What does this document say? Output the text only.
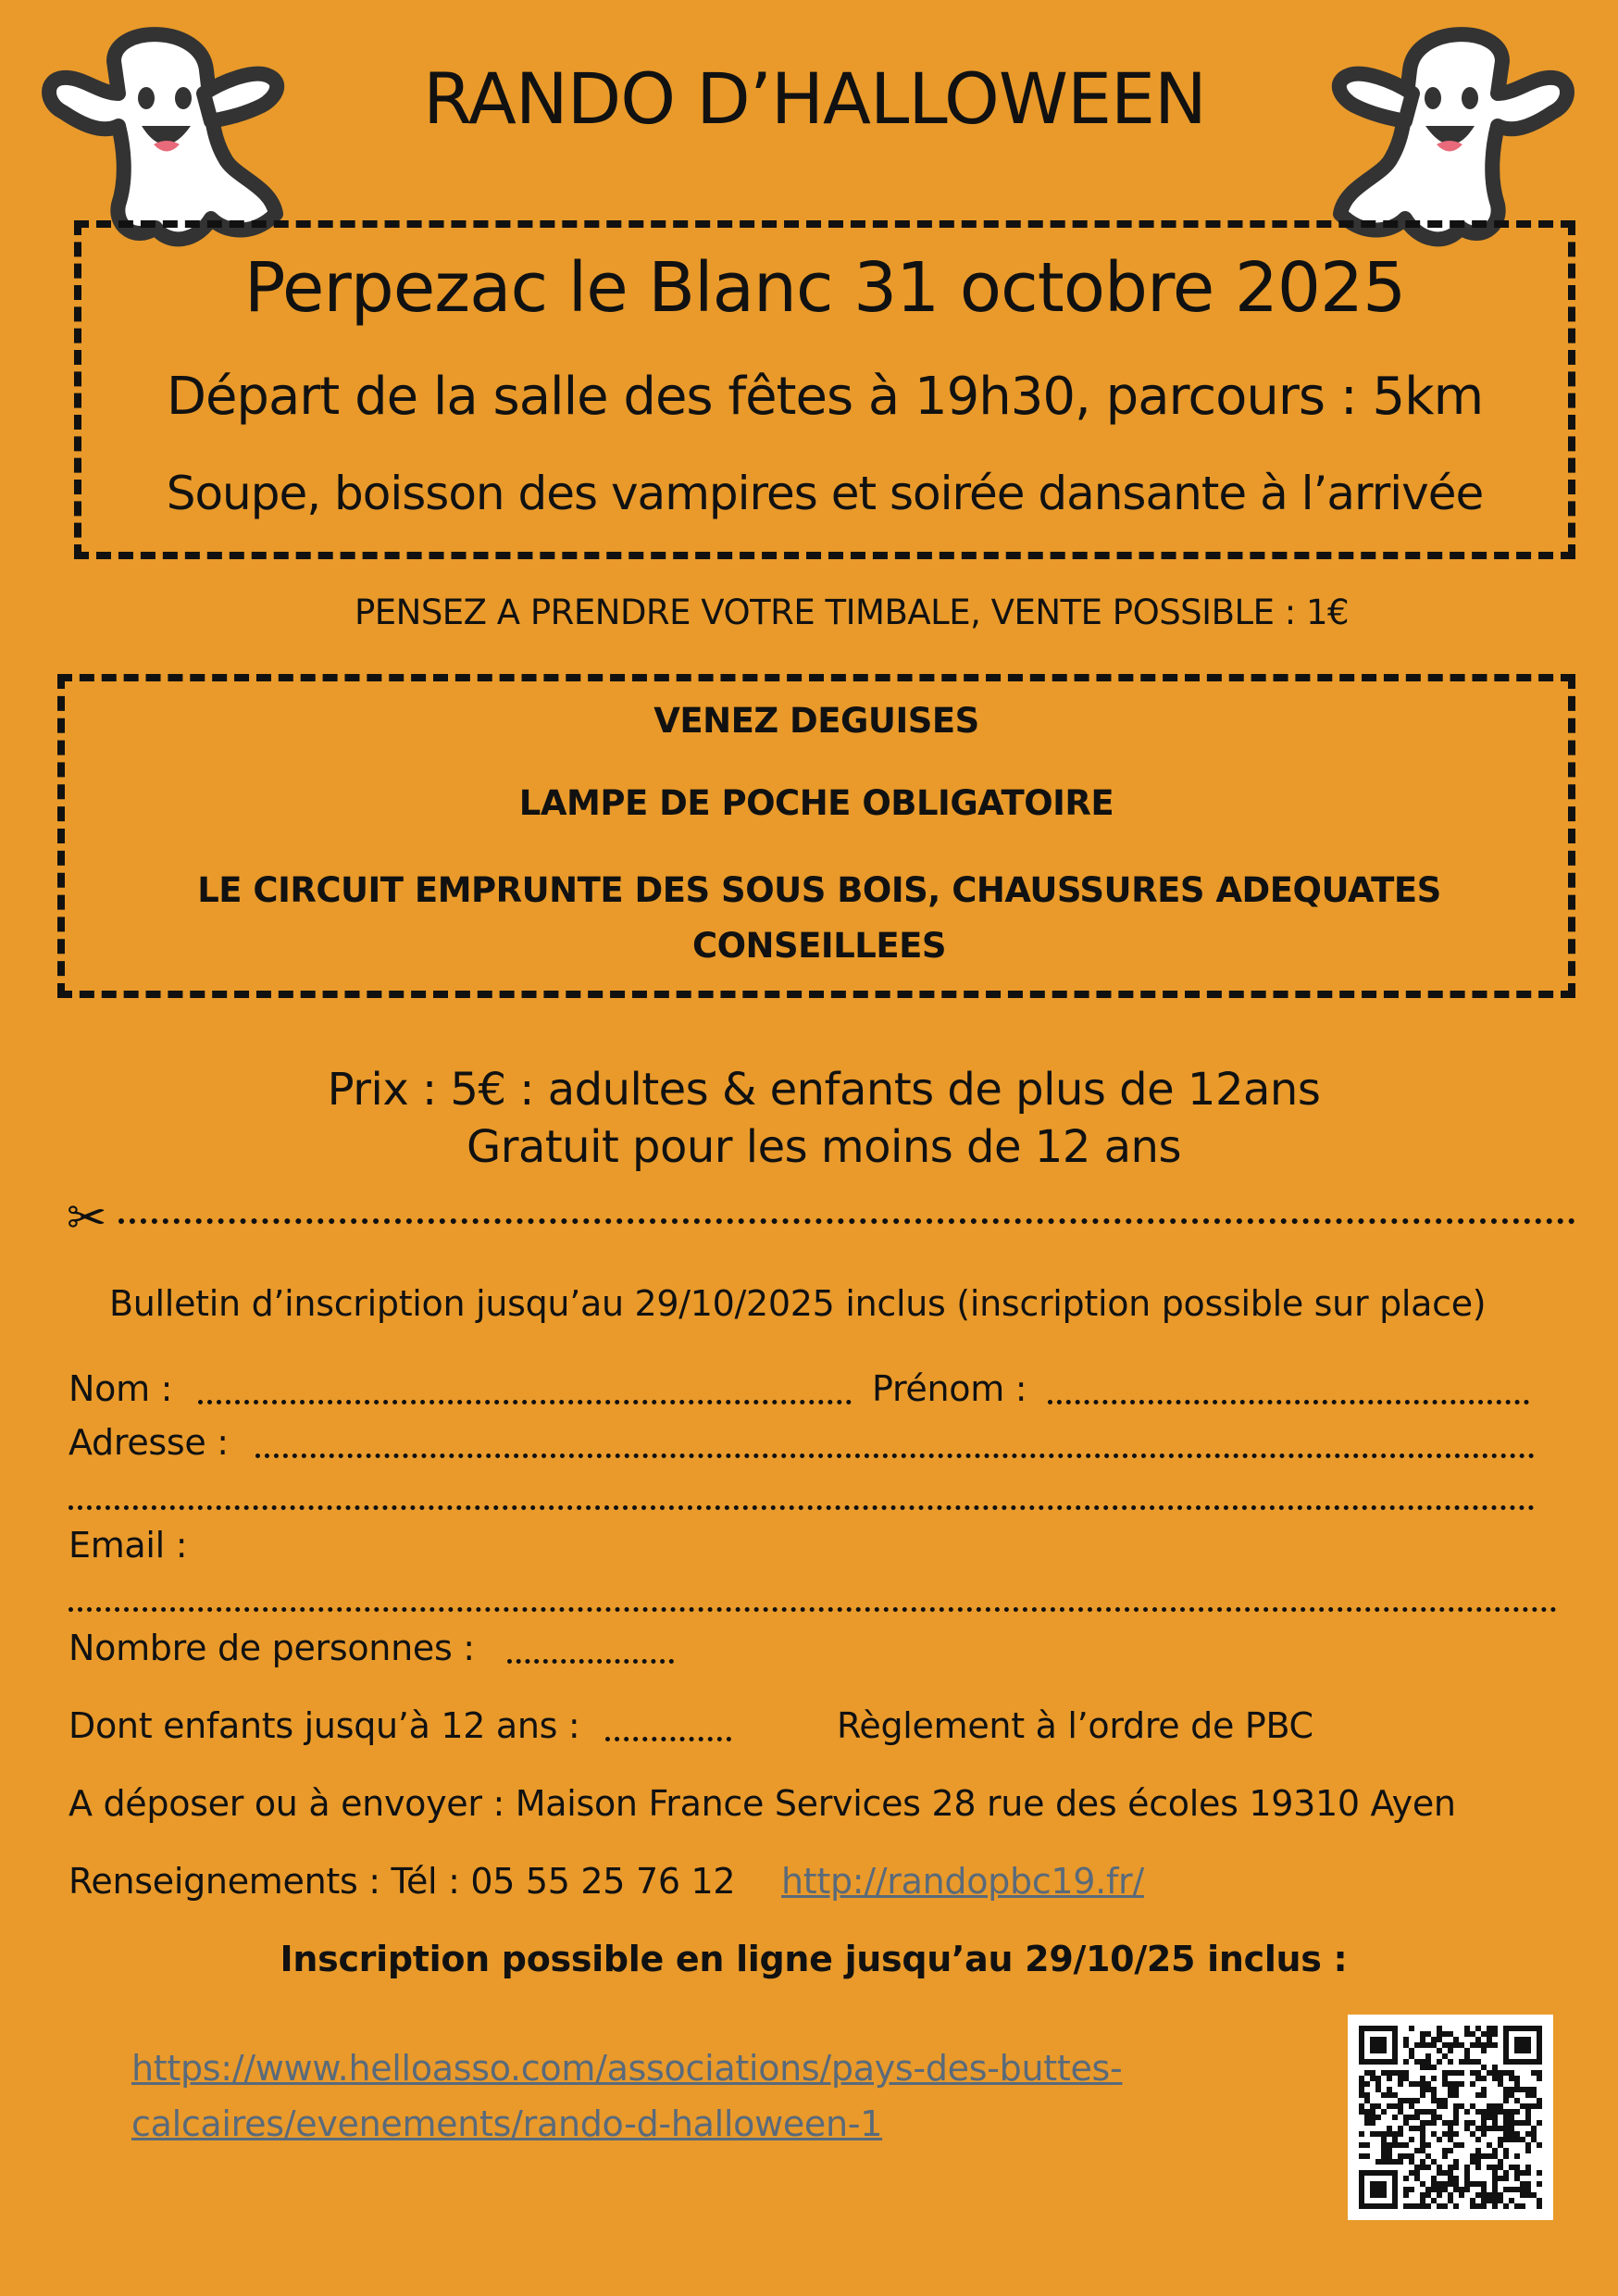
RANDO D’HALLOWEEN
Perpezac le Blanc 31 octobre 2025
Départ de la salle des fêtes à 19h30, parcours : 5km
Soupe, boisson des vampires et soirée dansante à l’arrivée
PENSEZ A PRENDRE VOTRE TIMBALE, VENTE POSSIBLE : 1€
VENEZ DEGUISES
LAMPE DE POCHE OBLIGATOIRE
LE CIRCUIT EMPRUNTE DES SOUS BOIS, CHAUSSURES ADEQUATES CONSEILLEES
Prix : 5€ : adultes & enfants de plus de 12ans
Gratuit pour les moins de 12 ans
✂
Bulletin d’inscription jusqu’au 29/10/2025 inclus (inscription possible sur place)
Nom :	Prénom :
Adresse :
Email :
Nombre de personnes :
Dont enfants jusqu’à 12 ans :	Règlement à l’ordre de PBC
A déposer ou à envoyer : Maison France Services 28 rue des écoles 19310 Ayen
Renseignements : Tél : 05 55 25 76 12 http://randopbc19.fr/
Inscription possible en ligne jusqu’au 29/10/25 inclus :
https://www.helloasso.com/associations/pays-des-buttes-calcaires/evenements/rando-d-halloween-1
